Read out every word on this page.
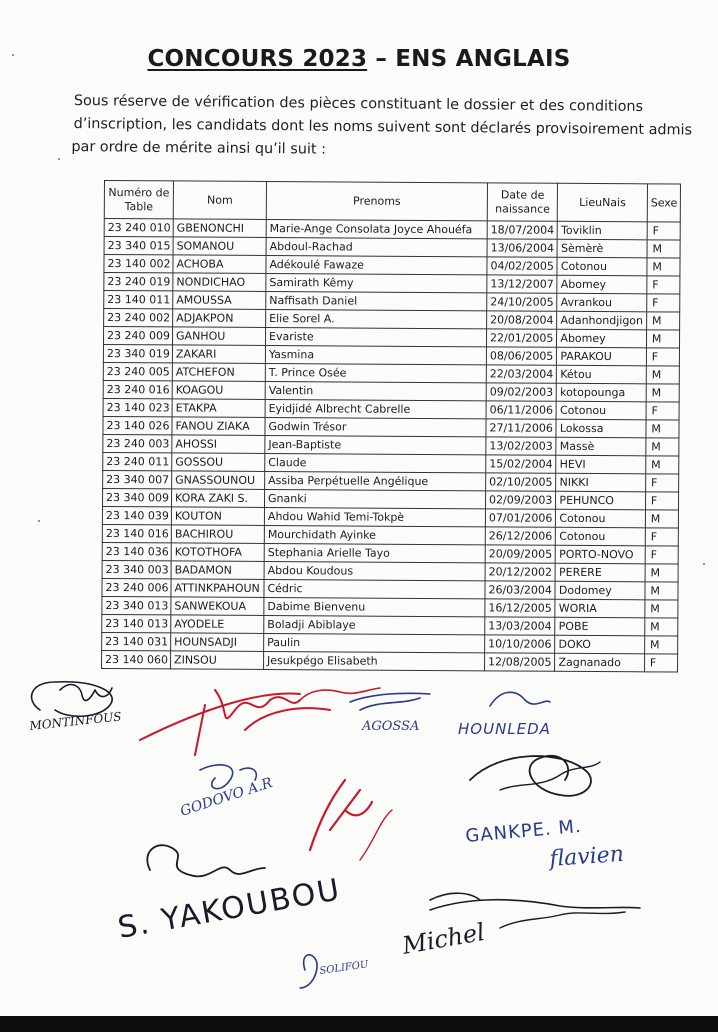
CONCOURS 2023 – ENS ANGLAIS
Sous réserve de vérification des pièces constituant le dossier et des conditions
d’inscription, les candidats dont les noms suivent sont déclarés provisoirement admis
par ordre de mérite ainsi qu’il suit :
Numéro de Table	Nom	Prenoms	Date de naissance	LieuNais	Sexe
23 240 010	GBENONCHI	Marie-Ange Consolata Joyce Ahouéfa	18/07/2004	Toviklin	F
23 340 015	SOMANOU	Abdoul-Rachad	13/06/2004	Sèmèrè	M
23 140 002	ACHOBA	Adékoulé Fawaze	04/02/2005	Cotonou	M
23 240 019	NONDICHAO	Samirath Kêmy	13/12/2007	Abomey	F
23 140 011	AMOUSSA	Naffisath Daniel	24/10/2005	Avrankou	F
23 240 002	ADJAKPON	Elie Sorel A.	20/08/2004	Adanhondjigon	M
23 240 009	GANHOU	Evariste	22/01/2005	Abomey	M
23 340 019	ZAKARI	Yasmina	08/06/2005	PARAKOU	F
23 240 005	ATCHEFON	T. Prince Osée	22/03/2004	Kétou	M
23 240 016	KOAGOU	Valentin	09/02/2003	kotopounga	M
23 140 023	ETAKPA	Eyidjidé Albrecht Cabrelle	06/11/2006	Cotonou	F
23 140 026	FANOU ZIAKA	Godwin Trésor	27/11/2006	Lokossa	M
23 240 003	AHOSSI	Jean-Baptiste	13/02/2003	Massè	M
23 240 011	GOSSOU	Claude	15/02/2004	HEVI	M
23 340 007	GNASSOUNOU	Assiba Perpétuelle Angélique	02/10/2005	NIKKI	F
23 340 009	KORA ZAKI S.	Gnanki	02/09/2003	PEHUNCO	F
23 140 039	KOUTON	Ahdou Wahid Temi-Tokpè	07/01/2006	Cotonou	M
23 140 016	BACHIROU	Mourchidath Ayinke	26/12/2006	Cotonou	F
23 140 036	KOTOTHOFA	Stephania Arielle Tayo	20/09/2005	PORTO-NOVO	F
23 340 003	BADAMON	Abdou Koudous	20/12/2002	PERERE	M
23 240 006	ATTINKPAHOUN	Cédric	26/03/2004	Dodomey	M
23 340 013	SANWEKOUA	Dabime Bienvenu	16/12/2005	WORIA	M
23 140 013	AYODELE	Boladji Abiblaye	13/03/2004	POBE	M
23 140 031	HOUNSADJI	Paulin	10/10/2006	DOKO	M
23 140 060	ZINSOU	Jesukpégo Elisabeth	12/08/2005	Zagnanado	F
MONTINFOUS	AGOSSA	HOUNLEDA
GODOVO A.R
GANKPE. M.
flavien
S. YAKOUBOU Michel
SOLIFOU
